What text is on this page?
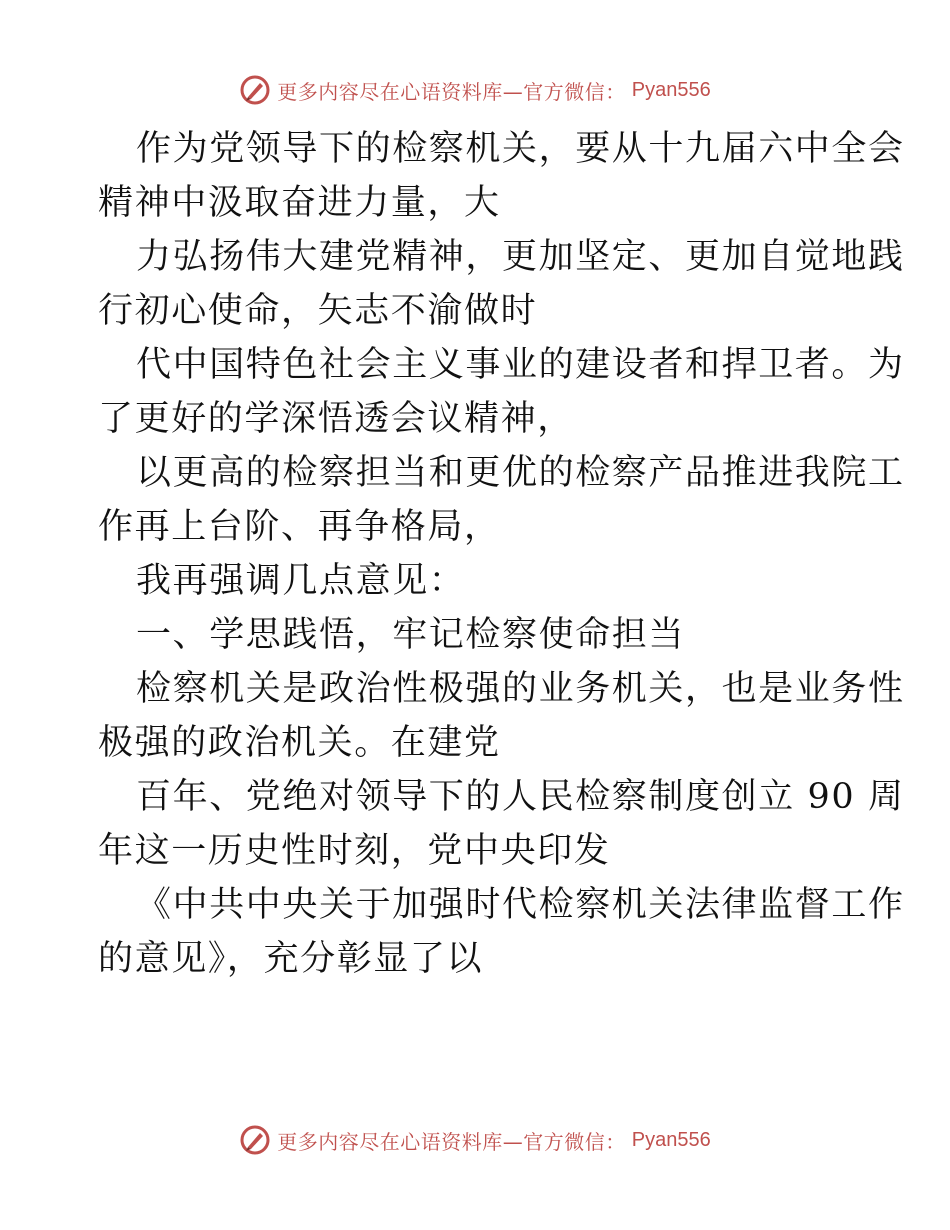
更多内容尽在心语资料库—官方微信： Pyan556
作为党领导下的检察机关，要从十九届六中全会
精神中汲取奋进力量，大
力弘扬伟大建党精神，更加坚定、更加自觉地践
行初心使命，矢志不渝做时
代中国特色社会主义事业的建设者和捍卫者。为
了更好的学深悟透会议精神，
以更高的检察担当和更优的检察产品推进我院工
作再上台阶、再争格局，
我再强调几点意见：
一、学思践悟，牢记检察使命担当
检察机关是政治性极强的业务机关，也是业务性
极强的政治机关。在建党
百年、党绝对领导下的人民检察制度创立 90 周
年这一历史性时刻，党中央印发
《中共中央关于加强时代检察机关法律监督工作
的意见》，充分彰显了以
更多内容尽在心语资料库—官方微信： Pyan556
